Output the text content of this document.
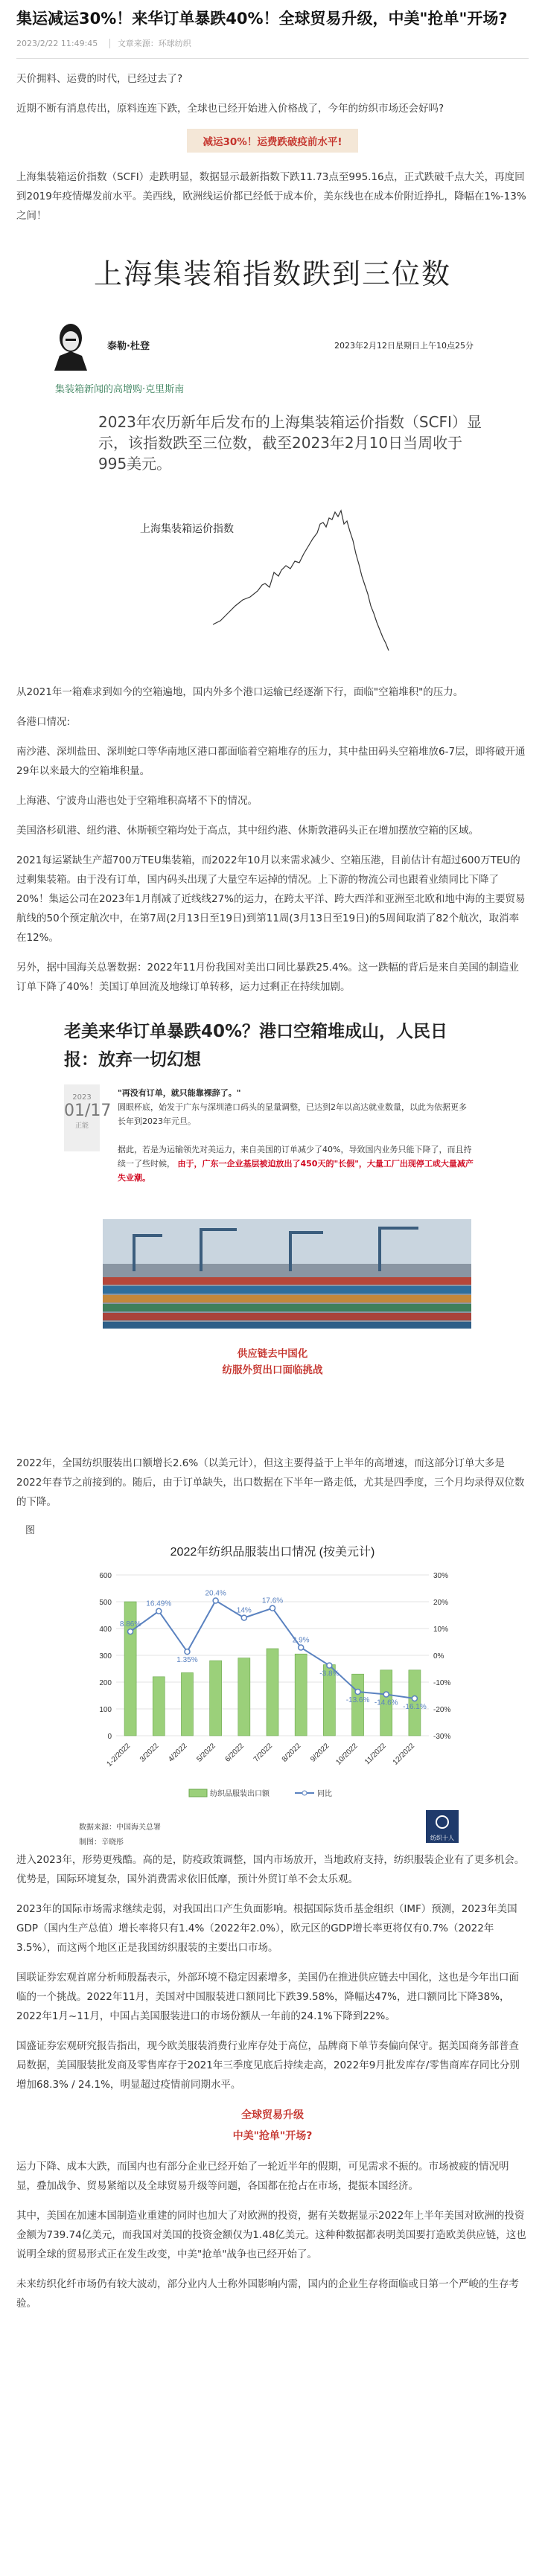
集运减运30%！来华订单暴跌40%！全球贸易升级，中美"抢单"开场?
2023/2/22 11:49:45 文章来源：环球纺织

天价拥料、运费的时代，已经过去了?

近期不断有消息传出，原料连连下跌，全球也已经开始进入价格战了，今年的纺织市场还会好吗?

减运30%！运费跌破疫前水平!

上海集装箱运价指数（SCFI）走跌明显，数据显示最新指数下跌11.73点至995.16点，正式跌破千点大关，再度回到2019年疫情爆发前水平。美西线，欧洲线运价都已经低于成本价，美东线也在成本价附近挣扎，降幅在1%-13%之间！

上海集装箱指数跌到三位数
泰勒·杜登	2023年2月12日星期日上午10点25分
集装箱新闻的高增购·克里斯南
2023年农历新年后发布的上海集装箱运价指数（SCFI）显示，该指数跌至三位数，截至2023年2月10日当周收于995美元。
上海集装箱运价指数

从2021年一箱难求到如今的空箱遍地，国内外多个港口运输已经逐渐下行，面临"空箱堆积"的压力。

各港口情况:

南沙港、深圳盐田、深圳蛇口等华南地区港口都面临着空箱堆存的压力，其中盐田码头空箱堆放6-7层，即将破开通29年以来最大的空箱堆积量。

上海港、宁波舟山港也处于空箱堆积高堵不下的情况。

美国洛杉矶港、纽约港、休斯顿空箱均处于高点，其中纽约港、休斯敦港码头正在增加摆放空箱的区域。

2021每运紧缺生产超700万TEU集装箱，而2022年10月以来需求减少、空箱压港，目前估计有超过600万TEU的过剩集装箱。由于没有订单，国内码头出现了大量空车运掉的情况。上下游的物流公司也跟着业绩同比下降了20%！集运公司在2023年1月削减了近线线27%的运力，在跨太平洋、跨大西洋和亚洲至北欧和地中海的主要贸易航线的50个预定航次中，在第7周(2月13日至19日)到第11周(3月13日至19日)的5周间取消了82个航次，取消率在12%。

另外，据中国海关总署数据：2022年11月份我国对美出口同比暴跌25.4%。这一跌幅的背后是来自美国的制造业订单下降了40%！美国订单回流及地缘订单转移，运力过剩正在持续加剧。

老美来华订单暴跌40%？港口空箱堆成山，人民日报：放弃一切幻想
2023
01/17
正能
"再没有订单，就只能靠裸辞了。"
圆眼杯底，始发于广东与深圳港口码头的显量调整，已达到2年以高达就业数量，以此为依据更多长年到2023年元旦。

据此，若是为运输领先对美运力，来自美国的订单减少了40%，导致国内业务只能下降了，而且持续一了些时候， 由于，广东一企业基层被迫放出了450天的"长假"，大量工厂出现停工或大量减产失业潮。
供应链去中国化
纺服外贸出口面临挑战

2022年，全国纺织服装出口额增长2.6%（以美元计），但这主要得益于上半年的高增速，而这部分订单大多是2022年春节之前接到的。随后，由于订单缺失，出口数据在下半年一路走低，尤其是四季度，三个月均录得双位数的下降。

图
2022年纺织品服装出口情况 (按美元计)
8.86%
16.49%
1.35%
20.4%
14%
17.6%
2.9%
-3.8%
-13.6% -14.6% -16.1%
0
100
200
300
400
500
600
-30%
-20%
-10%
0%
10%
20%
30%
1-2/2022 3/2022 4/2022 5/2022 6/2022 7/2022 8/2022 9/2022 10/2022 11/2022 12/2022
纺织品服装出口额	同比
数据来源：中国海关总署
制图：辛晓彤
纺织十人

进入2023年，形势更残酷。高的是，防疫政策调整，国内市场放开，当地政府支持，纺织服装企业有了更多机会。优势是，国际环境复杂，国外消费需求依旧低靡，预计外贸订单不会太乐观。

2023年的国际市场需求继续走弱，对我国出口产生负面影响。根据国际货币基金组织（IMF）预测，2023年美国GDP（国内生产总值）增长率将只有1.4%（2022年2.0%），欧元区的GDP增长率更将仅有0.7%（2022年3.5%），而这两个地区正是我国纺织服装的主要出口市场。

国联证券宏观首席分析师殷磊表示，外部环境不稳定因素增多，美国仍在推进供应链去中国化，这也是今年出口面临的一个挑战。2022年11月，美国对中国服装进口额同比下跌39.58%，降幅达47%，进口额同比下降38%，2022年1月~11月，中国占美国服装进口的市场份额从一年前的24.1%下降到22%。

国盛证券宏观研究报告指出，现今欧美服装消费行业库存处于高位，品牌商下单节奏偏向保守。据美国商务部普查局数据，美国服装批发商及零售库存于2021年三季度见底后持续走高，2022年9月批发库存/零售商库存同比分别增加68.3% / 24.1%，明显超过疫情前同期水平。

全球贸易升级
中美"抢单"开场?

运力下降、成本大跌，而国内也有部分企业已经开始了一轮近半年的假期，可见需求不振的。市场被疲的情况明显，叠加战争、贸易紧缩以及全球贸易升级等问题，各国都在抢占在市场，提振本国经济。

其中，美国在加速本国制造业重建的同时也加大了对欧洲的投资，据有关数据显示2022年上半年美国对欧洲的投资金额为739.74亿美元，而我国对美国的投资金额仅为1.48亿美元。这种种数据都表明美国要打造欧美供应链，这也说明全球的贸易形式正在发生改变，中美"抢单"战争也已经开始了。

未来纺织化纤市场仍有较大波动，部分业内人士称外国影响内需，国内的企业生存将面临或日第一个严峻的生存考验。
